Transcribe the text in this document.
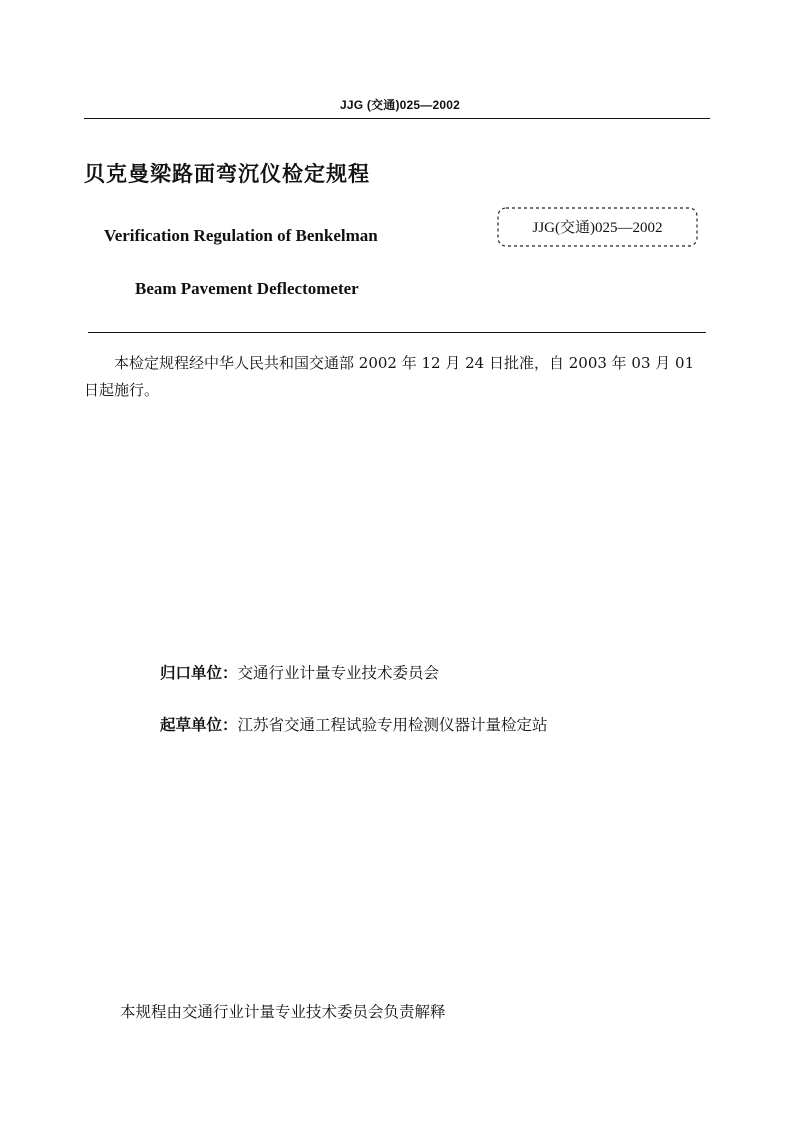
JJG (交通)025—2002
贝克曼梁路面弯沉仪检定规程
Verification Regulation of Benkelman
Beam Pavement Deflectometer
JJG(交通)025—2002
本检定规程经中华人民共和国交通部 2002 年 12 月 24 日批准，自 2003 年 03 月 01 日起施行。
归口单位：交通行业计量专业技术委员会
起草单位：江苏省交通工程试验专用检测仪器计量检定站
本规程由交通行业计量专业技术委员会负责解释
